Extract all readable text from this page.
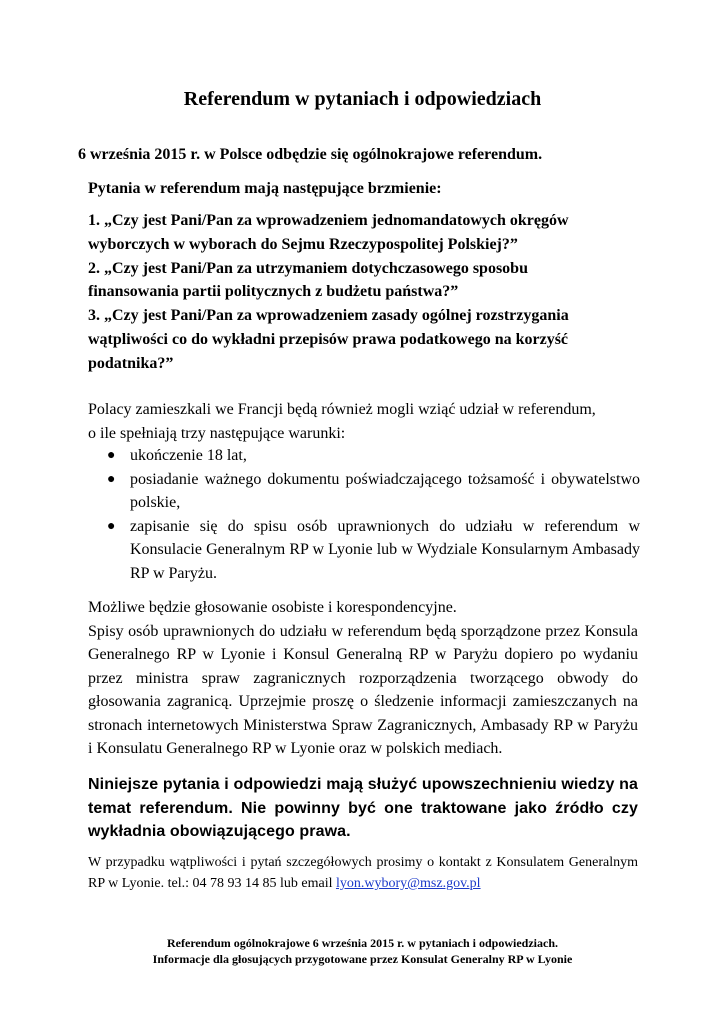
Referendum w pytaniach i odpowiedziach

6 września 2015 r. w Polsce odbędzie się ogólnokrajowe referendum.

Pytania w referendum mają następujące brzmienie:

1. „Czy jest Pani/Pan za wprowadzeniem jednomandatowych okręgów
wyborczych w wyborach do Sejmu Rzeczypospolitej Polskiej?”
2. „Czy jest Pani/Pan za utrzymaniem dotychczasowego sposobu
finansowania partii politycznych z budżetu państwa?”
3. „Czy jest Pani/Pan za wprowadzeniem zasady ogólnej rozstrzygania
wątpliwości co do wykładni przepisów prawa podatkowego na korzyść
podatnika?”
Polacy zamieszkali we Francji będą również mogli wziąć udział w referendum,
o ile spełniają trzy następujące warunki:
● ukończenie 18 lat,
● posiadanie ważnego dokumentu poświadczającego tożsamość i obywatelstwo polskie,
● zapisanie się do spisu osób uprawnionych do udziału w referendum w Konsulacie Generalnym RP w Lyonie lub w Wydziale Konsularnym Ambasady RP w Paryżu.
Możliwe będzie głosowanie osobiste i korespondencyjne.
Spisy osób uprawnionych do udziału w referendum będą sporządzone przez Konsula Generalnego RP w Lyonie i Konsul Generalną RP w Paryżu dopiero po wydaniu przez ministra spraw zagranicznych rozporządzenia tworzącego obwody do głosowania zagranicą. Uprzejmie proszę o śledzenie informacji zamieszczanych na stronach internetowych Ministerstwa Spraw Zagranicznych, Ambasady RP w Paryżu i Konsulatu Generalnego RP w Lyonie oraz w polskich mediach.
Niniejsze pytania i odpowiedzi mają służyć upowszechnieniu wiedzy na temat referendum. Nie powinny być one traktowane jako źródło czy wykładnia obowiązującego prawa.
W przypadku wątpliwości i pytań szczegółowych prosimy o kontakt z Konsulatem Generalnym RP w Lyonie. tel.: 04 78 93 14 85 lub email lyon.wybory@msz.gov.pl
Referendum ogólnokrajowe 6 września 2015 r. w pytaniach i odpowiedziach.
Informacje dla głosujących przygotowane przez Konsulat Generalny RP w Lyonie
